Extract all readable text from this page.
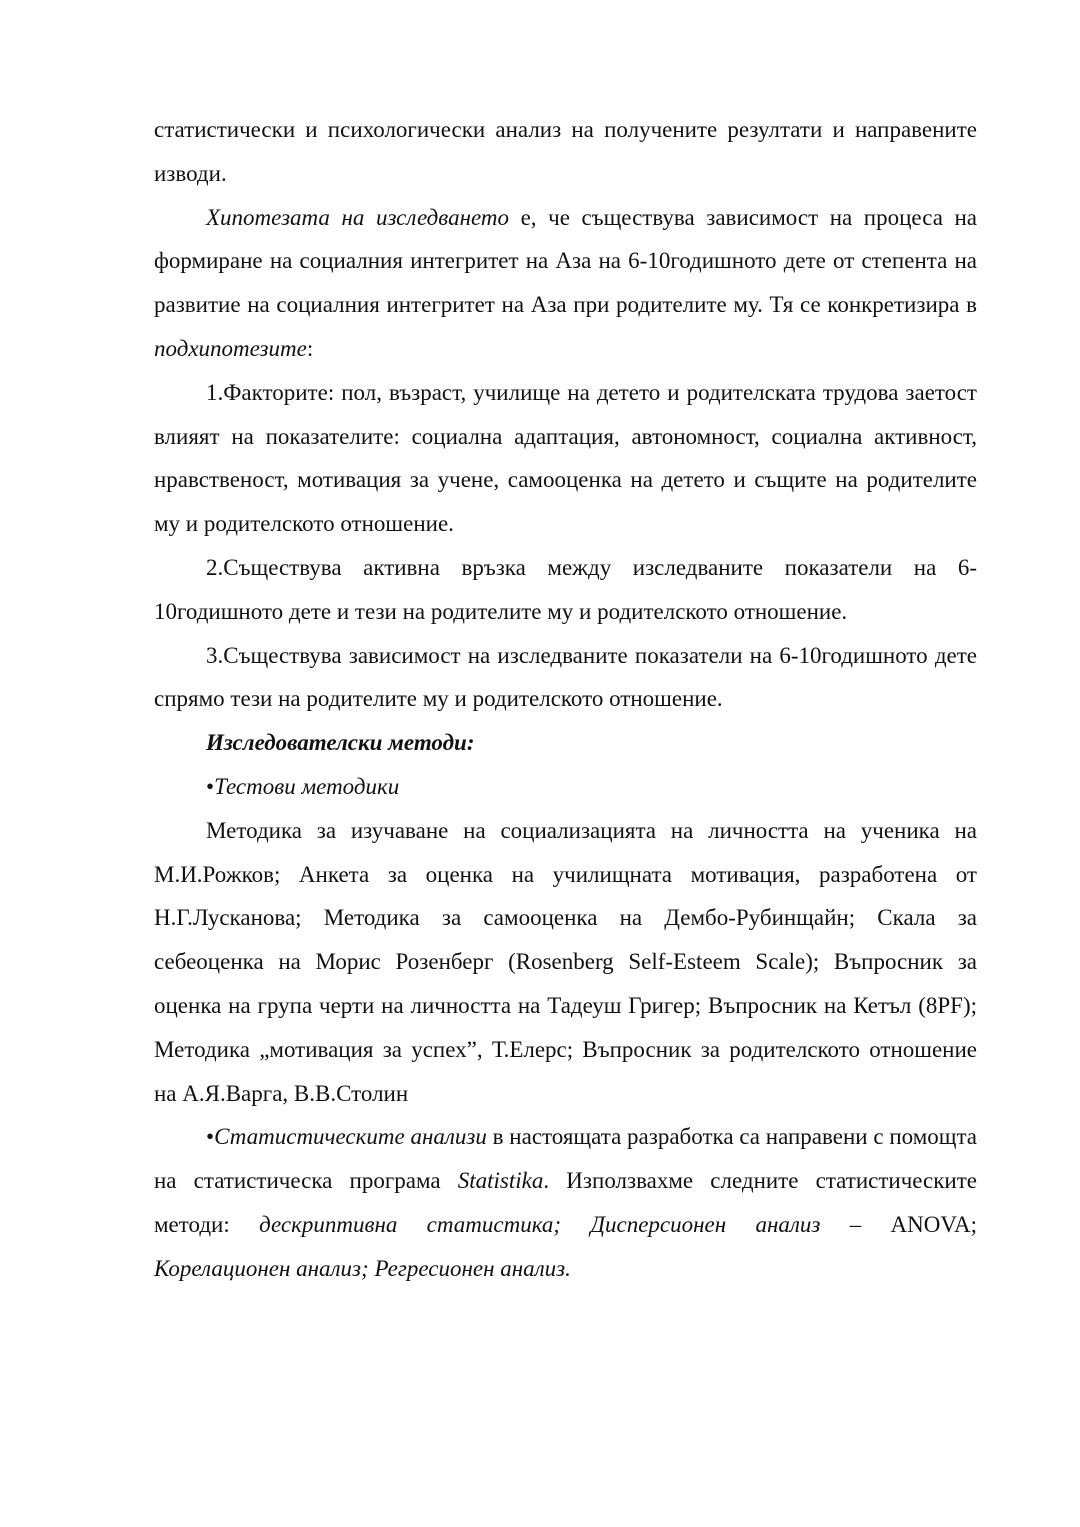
статистически и психологически анализ на получените резултати и направените изводи.

Хипотезата на изследването е, че съществува зависимост на процеса на формиране на социалния интегритет на Аза на 6-10годишното дете от степента на развитие на социалния интегритет на Аза при родителите му. Тя се конкретизира в подхипотезите:

1.Факторите: пол, възраст, училище на детето и родителската трудова заетост влияят на показателите: социална адаптация, автономност, социална активност, нравственост, мотивация за учене, самооценка на детето и същите на родителите му и родителското отношение.

2.Съществува активна връзка между изследваните показатели на 6-10годишното дете и тези на родителите му и родителското отношение.

3.Съществува зависимост на изследваните показатели на 6-10годишното дете спрямо тези на родителите му и родителското отношение.

Изследователски методи:

•Тестови методики

Методика за изучаване на социализацията на личността на ученика на М.И.Рожков; Анкета за оценка на училищната мотивация, разработена от Н.Г.Лусканова; Методика за самооценка на Дембо-Рубинщайн; Скала за себеоценка на Морис Розенберг (Rosenberg Self-Esteem Scale); Въпросник за оценка на група черти на личността на Тадеуш Григер; Въпросник на Кетъл (8PF); Методика „мотивация за успех”, Т.Елерс; Въпросник за родителското отношение на А.Я.Варга, В.В.Столин

•Статистическите анализи в настоящата разработка са направени с помощта на статистическа програма Statistika. Използвахме следните статистическите методи: дескриптивна статистика; Дисперсионен анализ – ANOVA; Корелационен анализ; Регресионен анализ.
